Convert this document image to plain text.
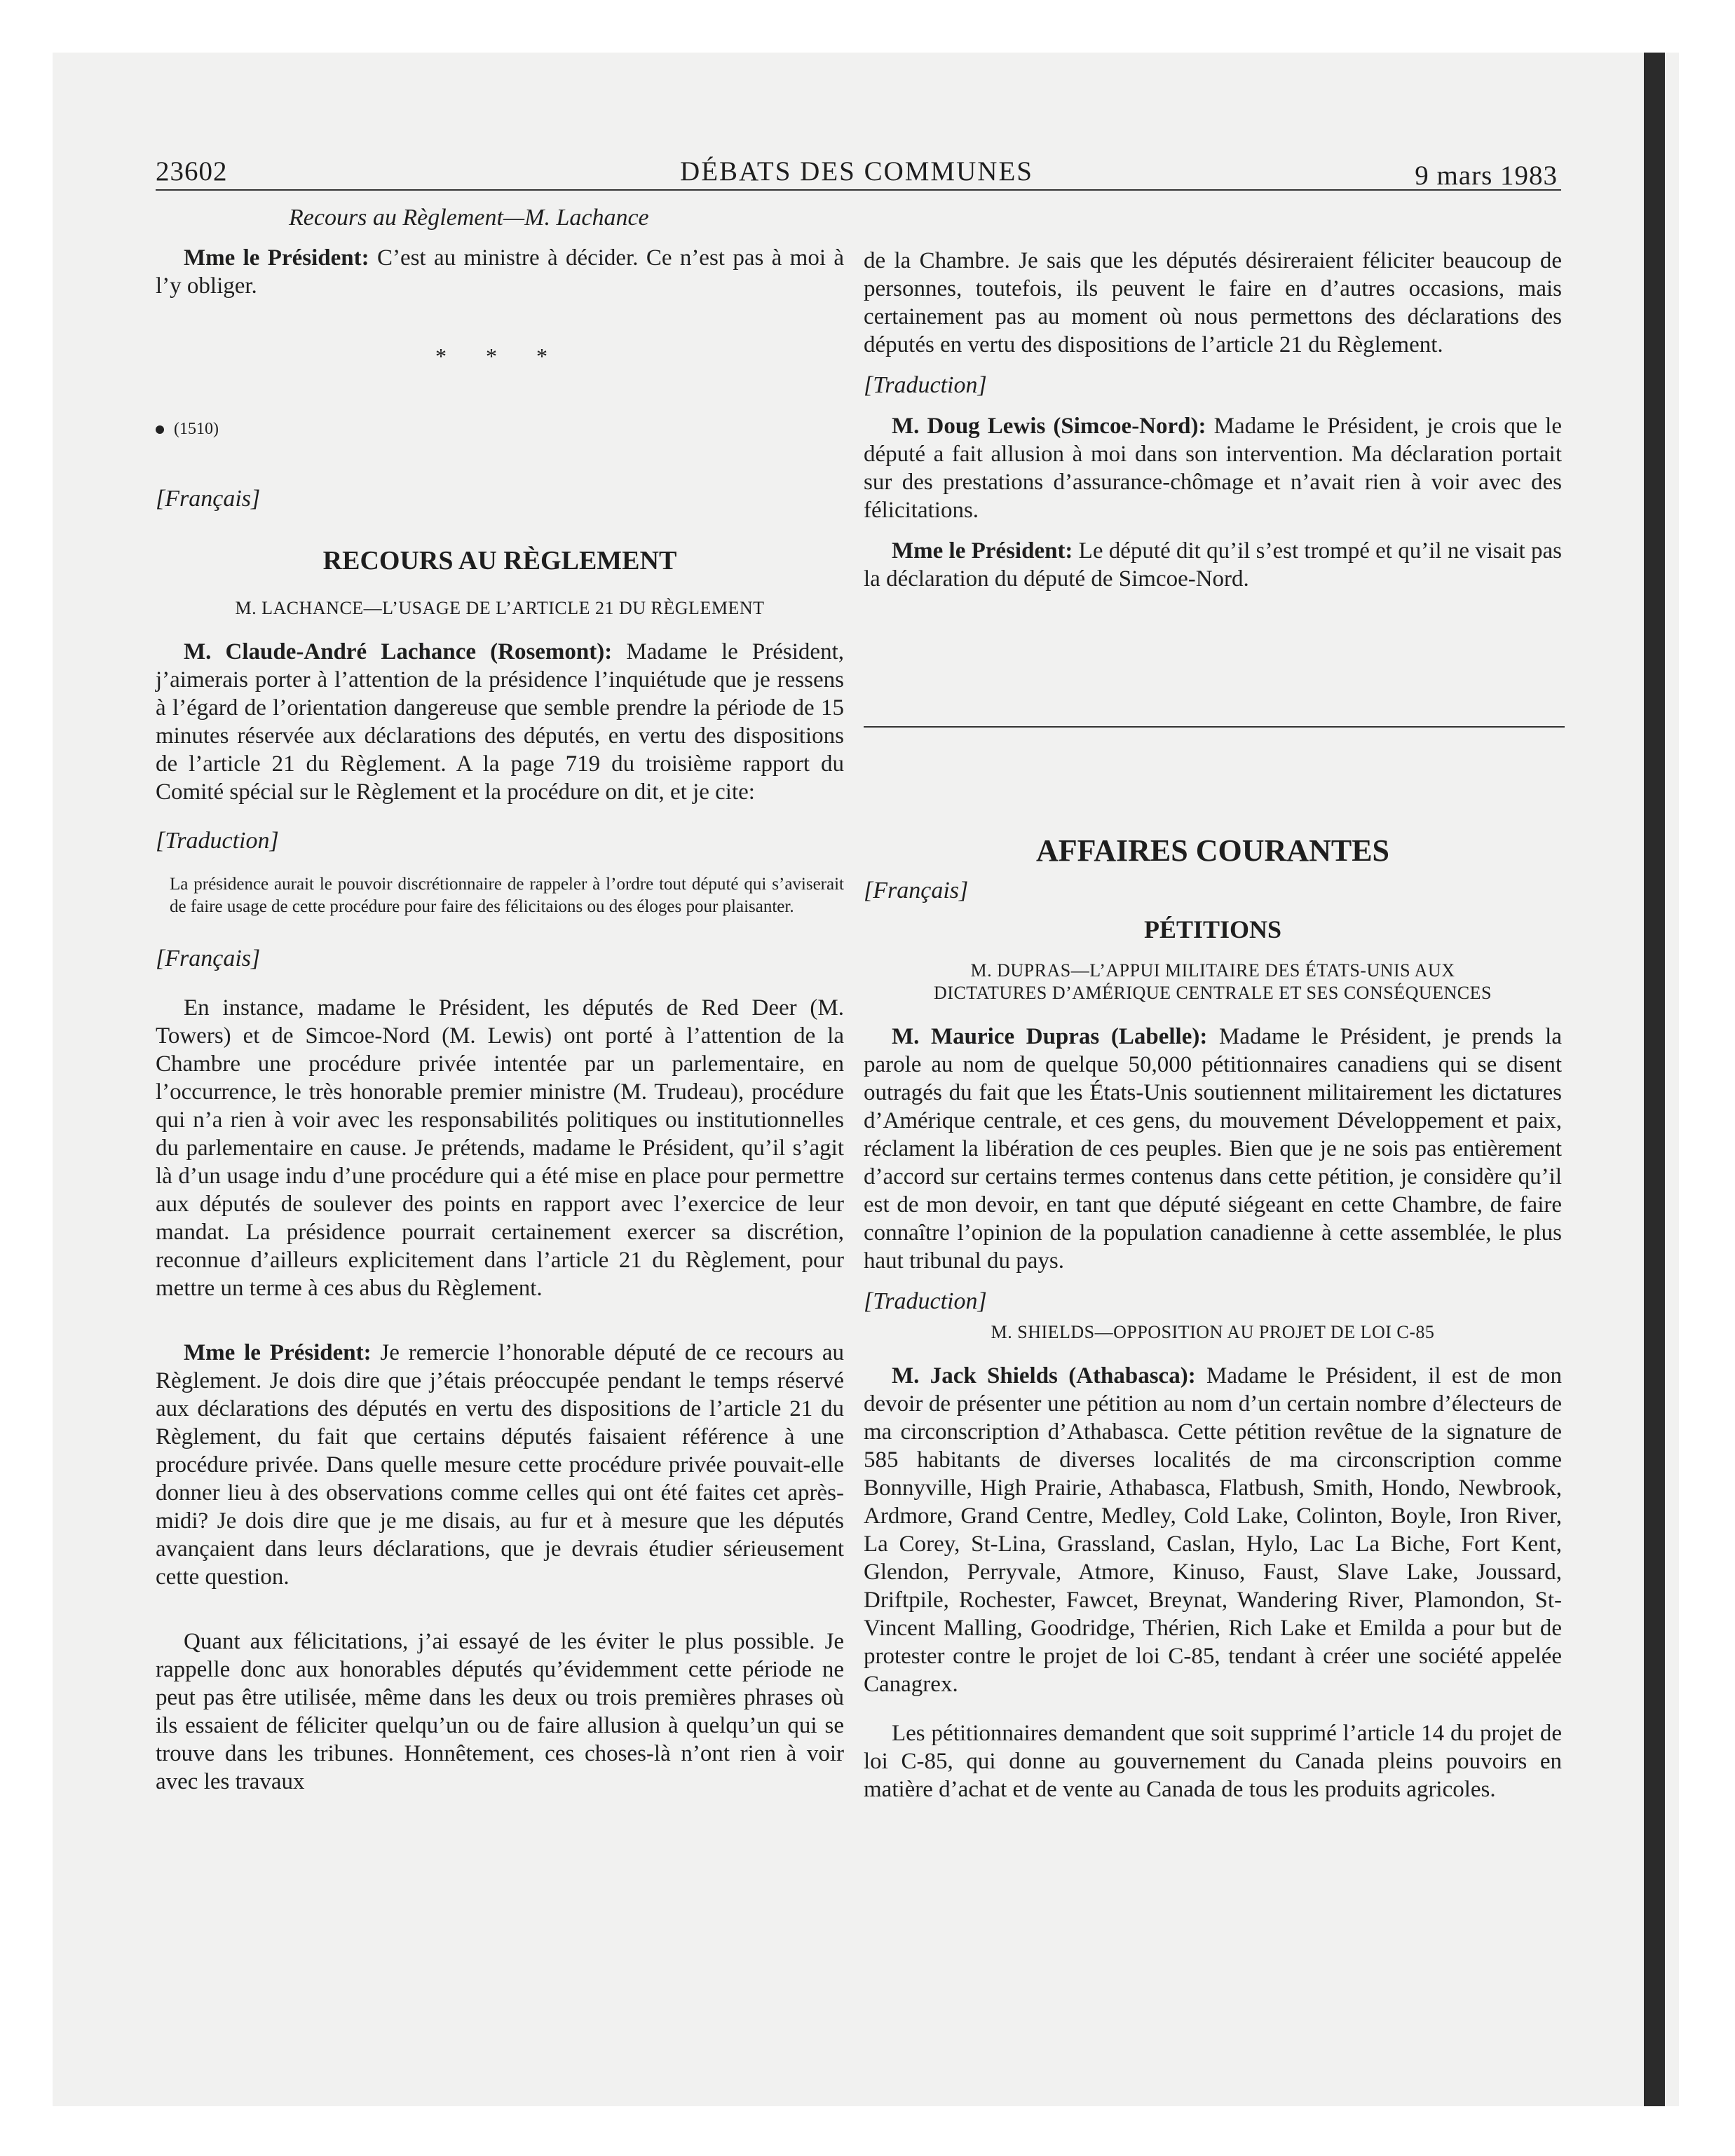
23602	DÉBATS DES COMMUNES	9 mars 1983
Recours au Règlement—M. Lachance

Mme le Président: C’est au ministre à décider. Ce n’est pas à moi à l’y obliger.

* * *
(1510)

[Français]

RECOURS AU RÈGLEMENT
M. LACHANCE—L’USAGE DE L’ARTICLE 21 DU RÈGLEMENT

M. Claude-André Lachance (Rosemont): Madame le Président, j’aimerais porter à l’attention de la présidence l’inquiétude que je ressens à l’égard de l’orientation dangereuse que semble prendre la période de 15 minutes réservée aux déclarations des députés, en vertu des dispositions de l’article 21 du Règlement. A la page 719 du troisième rapport du Comité spécial sur le Règlement et la procédure on dit, et je cite:

[Traduction]

La présidence aurait le pouvoir discrétionnaire de rappeler à l’ordre tout député qui s’aviserait de faire usage de cette procédure pour faire des félicitaions ou des éloges pour plaisanter.

[Français]

En instance, madame le Président, les députés de Red Deer (M. Towers) et de Simcoe-Nord (M. Lewis) ont porté à l’attention de la Chambre une procédure privée intentée par un parlementaire, en l’occurrence, le très honorable premier ministre (M. Trudeau), procédure qui n’a rien à voir avec les responsabilités politiques ou institutionnelles du parlementaire en cause. Je prétends, madame le Président, qu’il s’agit là d’un usage indu d’une procédure qui a été mise en place pour permettre aux députés de soulever des points en rapport avec l’exercice de leur mandat. La présidence pourrait certainement exercer sa discrétion, reconnue d’ailleurs explicitement dans l’article 21 du Règlement, pour mettre un terme à ces abus du Règlement.

Mme le Président: Je remercie l’honorable député de ce recours au Règlement. Je dois dire que j’étais préoccupée pendant le temps réservé aux déclarations des députés en vertu des dispositions de l’article 21 du Règlement, du fait que certains députés faisaient référence à une procédure privée. Dans quelle mesure cette procédure privée pouvait-elle donner lieu à des observations comme celles qui ont été faites cet après-midi? Je dois dire que je me disais, au fur et à mesure que les députés avançaient dans leurs déclarations, que je devrais étudier sérieusement cette question.

Quant aux félicitations, j’ai essayé de les éviter le plus possible. Je rappelle donc aux honorables députés qu’évidemment cette période ne peut pas être utilisée, même dans les deux ou trois premières phrases où ils essaient de féliciter quelqu’un ou de faire allusion à quelqu’un qui se trouve dans les tribunes. Honnêtement, ces choses-là n’ont rien à voir avec les travaux

de la Chambre. Je sais que les députés désireraient féliciter beaucoup de personnes, toutefois, ils peuvent le faire en d’autres occasions, mais certainement pas au moment où nous permettons des déclarations des députés en vertu des dispositions de l’article 21 du Règlement.

[Traduction]

M. Doug Lewis (Simcoe-Nord): Madame le Président, je crois que le député a fait allusion à moi dans son intervention. Ma déclaration portait sur des prestations d’assurance-chômage et n’avait rien à voir avec des félicitations.

Mme le Président: Le député dit qu’il s’est trompé et qu’il ne visait pas la déclaration du député de Simcoe-Nord.

AFFAIRES COURANTES

[Français]

PÉTITIONS
M. DUPRAS—L’APPUI MILITAIRE DES ÉTATS-UNIS AUX
DICTATURES D’AMÉRIQUE CENTRALE ET SES CONSÉQUENCES

M. Maurice Dupras (Labelle): Madame le Président, je prends la parole au nom de quelque 50,000 pétitionnaires canadiens qui se disent outragés du fait que les États-Unis soutiennent militairement les dictatures d’Amérique centrale, et ces gens, du mouvement Développement et paix, réclament la libération de ces peuples. Bien que je ne sois pas entièrement d’accord sur certains termes contenus dans cette pétition, je considère qu’il est de mon devoir, en tant que député siégeant en cette Chambre, de faire connaître l’opinion de la population canadienne à cette assemblée, le plus haut tribunal du pays.

[Traduction]

M. SHIELDS—OPPOSITION AU PROJET DE LOI C-85

M. Jack Shields (Athabasca): Madame le Président, il est de mon devoir de présenter une pétition au nom d’un certain nombre d’électeurs de ma circonscription d’Athabasca. Cette pétition revêtue de la signature de 585 habitants de diverses localités de ma circonscription comme Bonnyville, High Prairie, Athabasca, Flatbush, Smith, Hondo, Newbrook, Ardmore, Grand Centre, Medley, Cold Lake, Colinton, Boyle, Iron River, La Corey, St-Lina, Grassland, Caslan, Hylo, Lac La Biche, Fort Kent, Glendon, Perryvale, Atmore, Kinuso, Faust, Slave Lake, Joussard, Driftpile, Rochester, Fawcet, Breynat, Wandering River, Plamondon, St-Vincent Malling, Goodridge, Thérien, Rich Lake et Emilda a pour but de protester contre le projet de loi C-85, tendant à créer une société appelée Canagrex.

Les pétitionnaires demandent que soit supprimé l’article 14 du projet de loi C-85, qui donne au gouvernement du Canada pleins pouvoirs en matière d’achat et de vente au Canada de tous les produits agricoles.
